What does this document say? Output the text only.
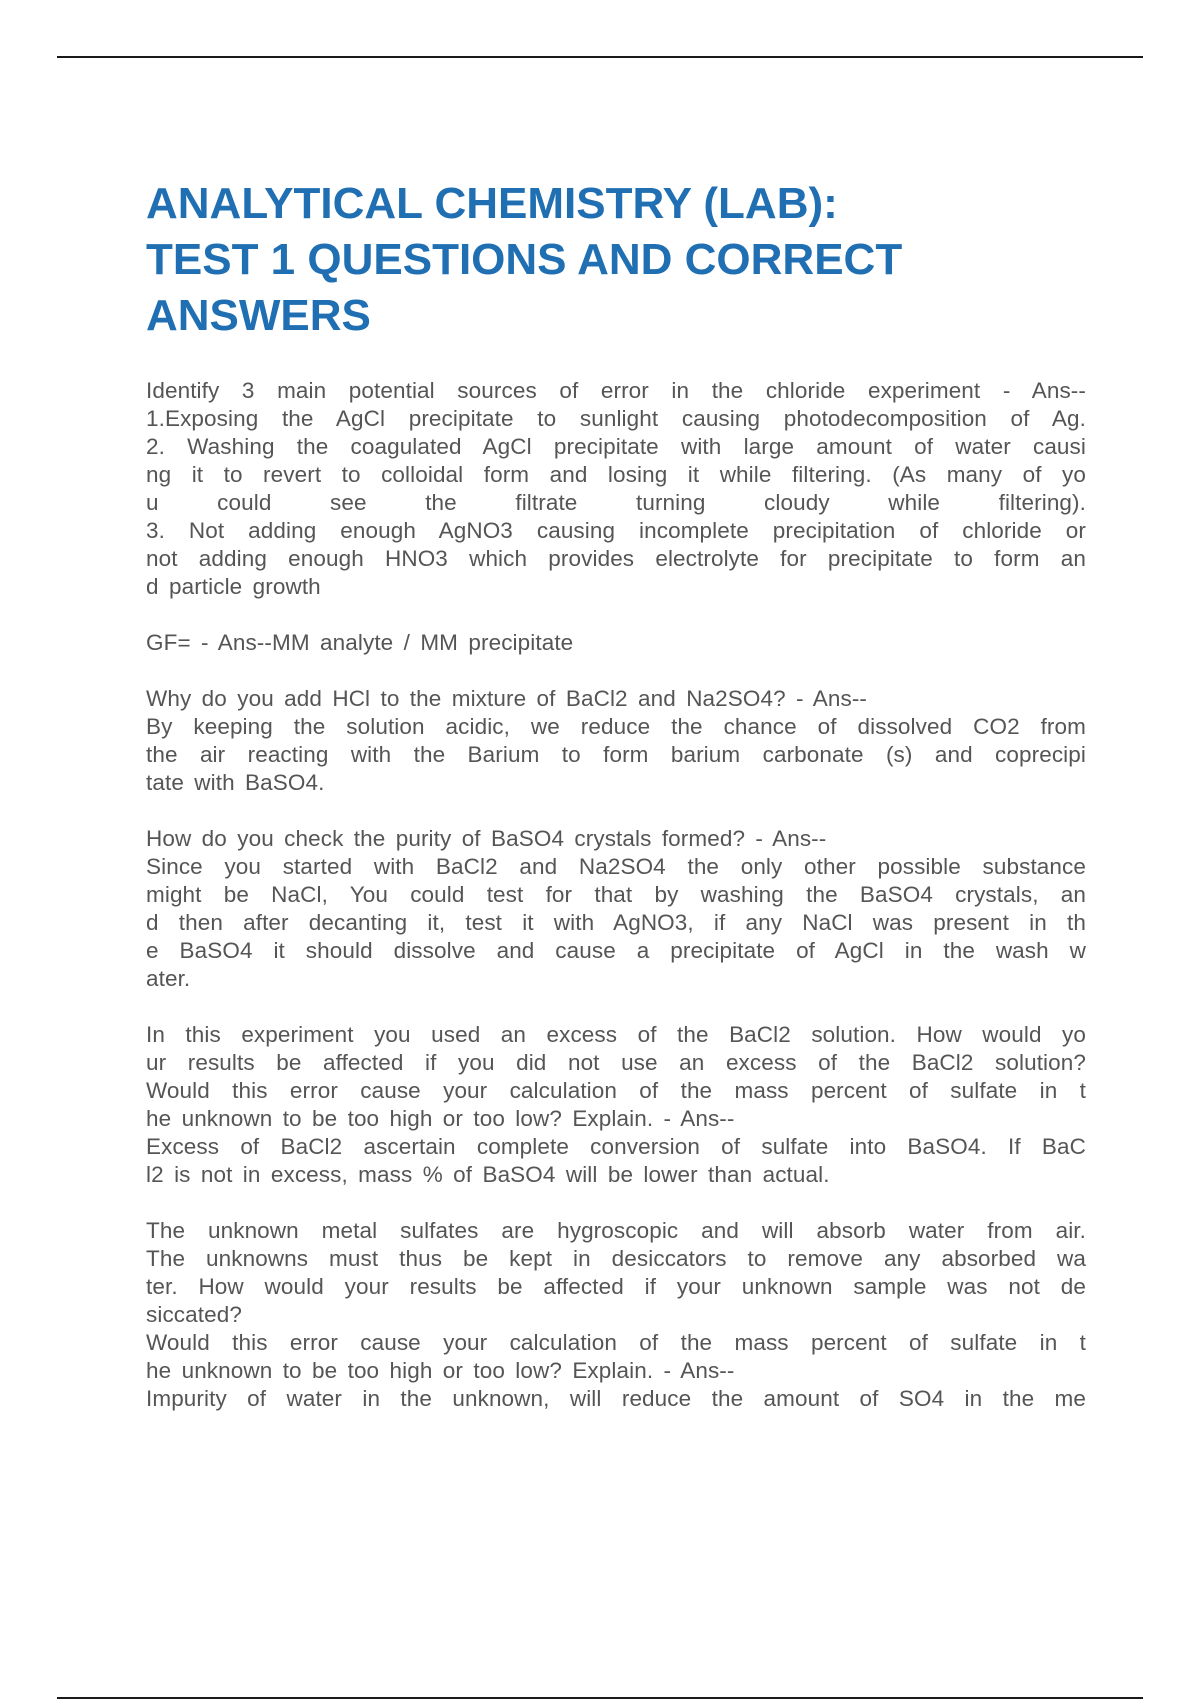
ANALYTICAL CHEMISTRY (LAB):
TEST 1 QUESTIONS AND CORRECT
ANSWERS
Identify 3 main potential sources of error in the chloride experiment - Ans--
1.Exposing the AgCl precipitate to sunlight causing photodecomposition of Ag.
2. Washing the coagulated AgCl precipitate with large amount of water causi
ng it to revert to colloidal form and losing it while filtering. (As many of yo
u could see the filtrate turning cloudy while filtering).
3. Not adding enough AgNO3 causing incomplete precipitation of chloride or
not adding enough HNO3 which provides electrolyte for precipitate to form an
d particle growth
GF= - Ans--MM analyte / MM precipitate
Why do you add HCl to the mixture of BaCl2 and Na2SO4? - Ans--
By keeping the solution acidic, we reduce the chance of dissolved CO2 from
the air reacting with the Barium to form barium carbonate (s) and coprecipi
tate with BaSO4.
How do you check the purity of BaSO4 crystals formed? - Ans--
Since you started with BaCl2 and Na2SO4 the only other possible substance
might be NaCl, You could test for that by washing the BaSO4 crystals, an
d then after decanting it, test it with AgNO3, if any NaCl was present in th
e BaSO4 it should dissolve and cause a precipitate of AgCl in the wash w
ater.
In this experiment you used an excess of the BaCl2 solution. How would yo
ur results be affected if you did not use an excess of the BaCl2 solution?
Would this error cause your calculation of the mass percent of sulfate in t
he unknown to be too high or too low? Explain. - Ans--
Excess of BaCl2 ascertain complete conversion of sulfate into BaSO4. If BaC
l2 is not in excess, mass % of BaSO4 will be lower than actual.
The unknown metal sulfates are hygroscopic and will absorb water from air.
The unknowns must thus be kept in desiccators to remove any absorbed wa
ter. How would your results be affected if your unknown sample was not de
siccated?
Would this error cause your calculation of the mass percent of sulfate in t
he unknown to be too high or too low? Explain. - Ans--
Impurity of water in the unknown, will reduce the amount of SO4 in the me
